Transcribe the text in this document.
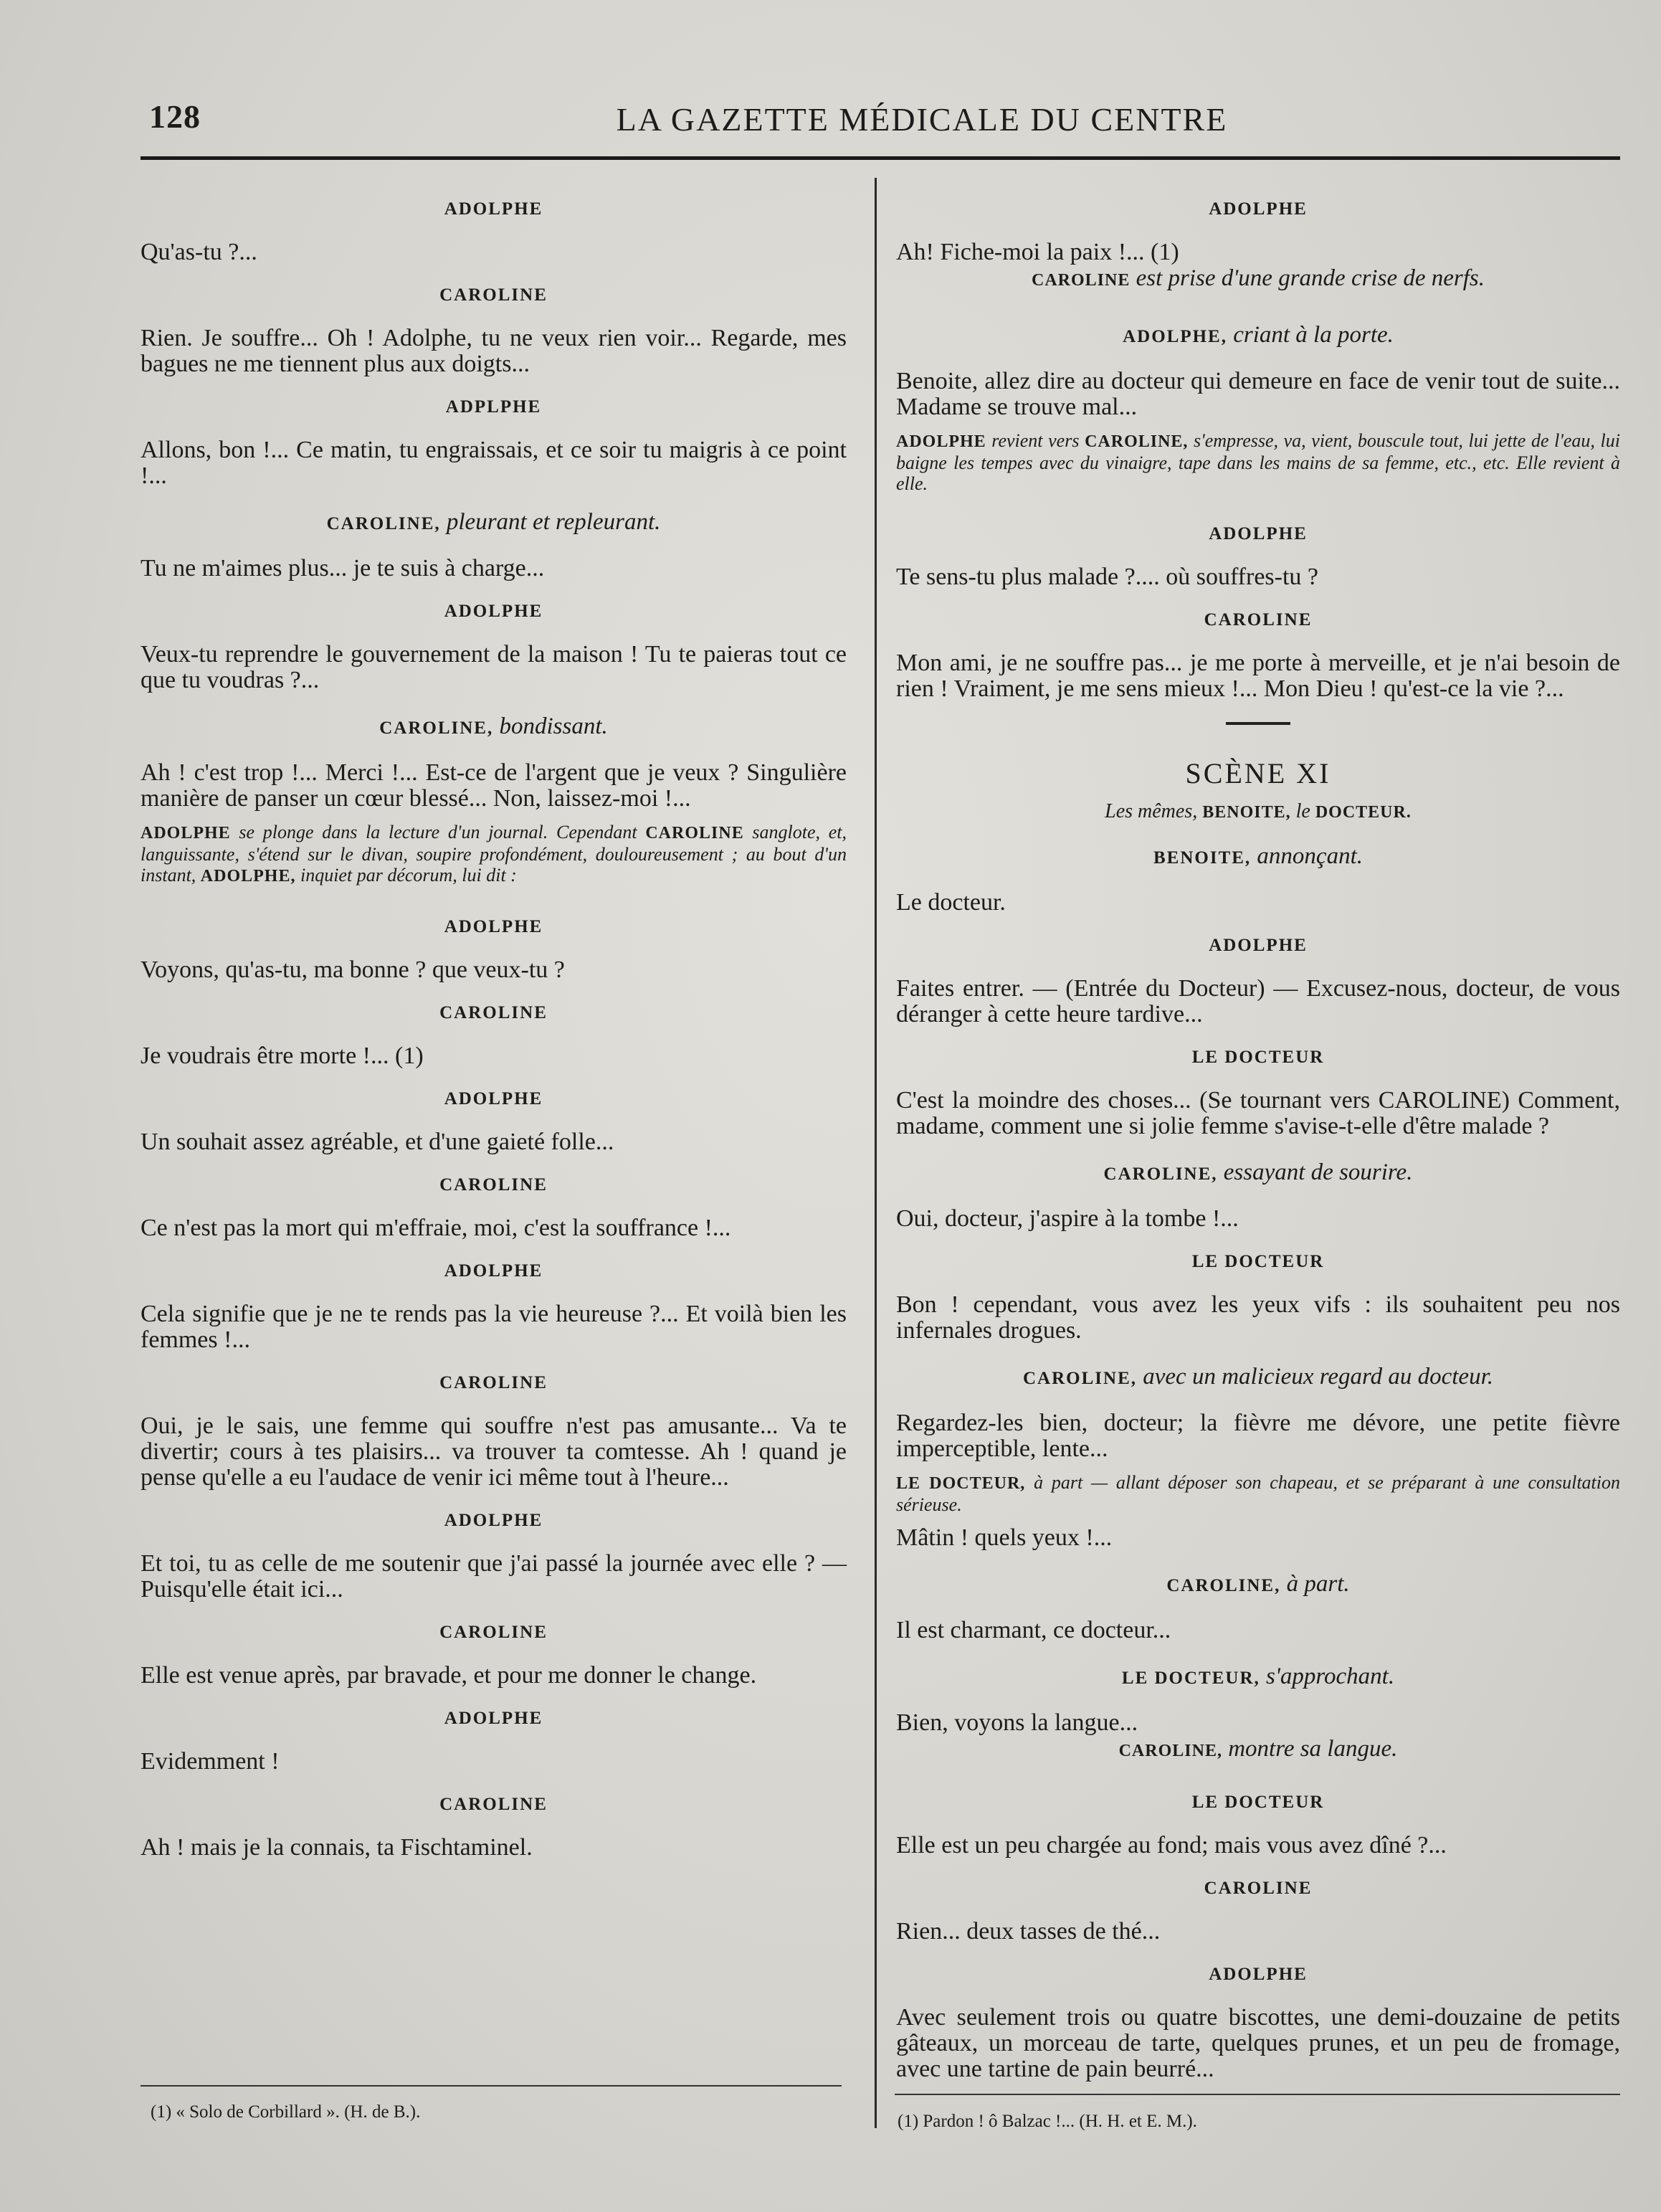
128	LA GAZETTE MÉDICALE DU CENTRE
ADOLPHE

Qu'as-tu ?...

CAROLINE

Rien. Je souffre... Oh ! Adolphe, tu ne veux rien voir... Regarde, mes bagues ne me tiennent plus aux doigts...

ADPLPHE

Allons, bon !... Ce matin, tu engraissais, et ce soir tu maigris à ce point !...

CAROLINE, pleurant et repleurant.

Tu ne m'aimes plus... je te suis à charge...

ADOLPHE

Veux-tu reprendre le gouvernement de la maison ! Tu te paieras tout ce que tu voudras ?...

CAROLINE, bondissant.

Ah ! c'est trop !... Merci !... Est-ce de l'argent que je veux ? Singulière manière de panser un cœur blessé... Non, laissez-moi !...

ADOLPHE se plonge dans la lecture d'un journal. Cependant CAROLINE sanglote, et, languissante, s'étend sur le divan, soupire profondément, douloureusement ; au bout d'un instant, ADOLPHE, inquiet par décorum, lui dit :

ADOLPHE

Voyons, qu'as-tu, ma bonne ? que veux-tu ?

CAROLINE

Je voudrais être morte !... (1)

ADOLPHE

Un souhait assez agréable, et d'une gaieté folle...

CAROLINE

Ce n'est pas la mort qui m'effraie, moi, c'est la souffrance !...

ADOLPHE

Cela signifie que je ne te rends pas la vie heureuse ?... Et voilà bien les femmes !...

CAROLINE

Oui, je le sais, une femme qui souffre n'est pas amusante... Va te divertir; cours à tes plaisirs... va trouver ta comtesse. Ah ! quand je pense qu'elle a eu l'audace de venir ici même tout à l'heure...

ADOLPHE

Et toi, tu as celle de me soutenir que j'ai passé la journée avec elle ? — Puisqu'elle était ici...

CAROLINE

Elle est venue après, par bravade, et pour me donner le change.

ADOLPHE

Evidemment !

CAROLINE

Ah ! mais je la connais, ta Fischtaminel.

ADOLPHE

Ah! Fiche-moi la paix !... (1)

CAROLINE est prise d'une grande crise de nerfs.
ADOLPHE, criant à la porte.

Benoite, allez dire au docteur qui demeure en face de venir tout de suite... Madame se trouve mal...

ADOLPHE revient vers CAROLINE, s'empresse, va, vient, bouscule tout, lui jette de l'eau, lui baigne les tempes avec du vinaigre, tape dans les mains de sa femme, etc., etc. Elle revient à elle.

ADOLPHE

Te sens-tu plus malade ?.... où souffres-tu ?

CAROLINE

Mon ami, je ne souffre pas... je me porte à merveille, et je n'ai besoin de rien ! Vraiment, je me sens mieux !... Mon Dieu ! qu'est-ce la vie ?...

SCÈNE XI
Les mêmes, BENOITE, le DOCTEUR.
BENOITE, annonçant.

Le docteur.

ADOLPHE

Faites entrer. — (Entrée du Docteur) — Excusez-nous, docteur, de vous déranger à cette heure tardive...

LE DOCTEUR

C'est la moindre des choses... (Se tournant vers CAROLINE) Comment, madame, comment une si jolie femme s'avise-t-elle d'être malade ?

CAROLINE, essayant de sourire.

Oui, docteur, j'aspire à la tombe !...

LE DOCTEUR

Bon ! cependant, vous avez les yeux vifs : ils souhaitent peu nos infernales drogues.

CAROLINE, avec un malicieux regard au docteur.

Regardez-les bien, docteur; la fièvre me dévore, une petite fièvre imperceptible, lente...

LE DOCTEUR, à part — allant déposer son chapeau, et se préparant à une consultation sérieuse.

Mâtin ! quels yeux !...

CAROLINE, à part.

Il est charmant, ce docteur...

LE DOCTEUR, s'approchant.

Bien, voyons la langue...

CAROLINE, montre sa langue.
LE DOCTEUR

Elle est un peu chargée au fond; mais vous avez dîné ?...

CAROLINE

Rien... deux tasses de thé...

ADOLPHE

Avec seulement trois ou quatre biscottes, une demi-douzaine de petits gâteaux, un morceau de tarte, quelques prunes, et un peu de fromage, avec une tartine de pain beurré...

(1) « Solo de Corbillard ». (H. de B.).	(1) Pardon ! ô Balzac !... (H. H. et E. M.).
